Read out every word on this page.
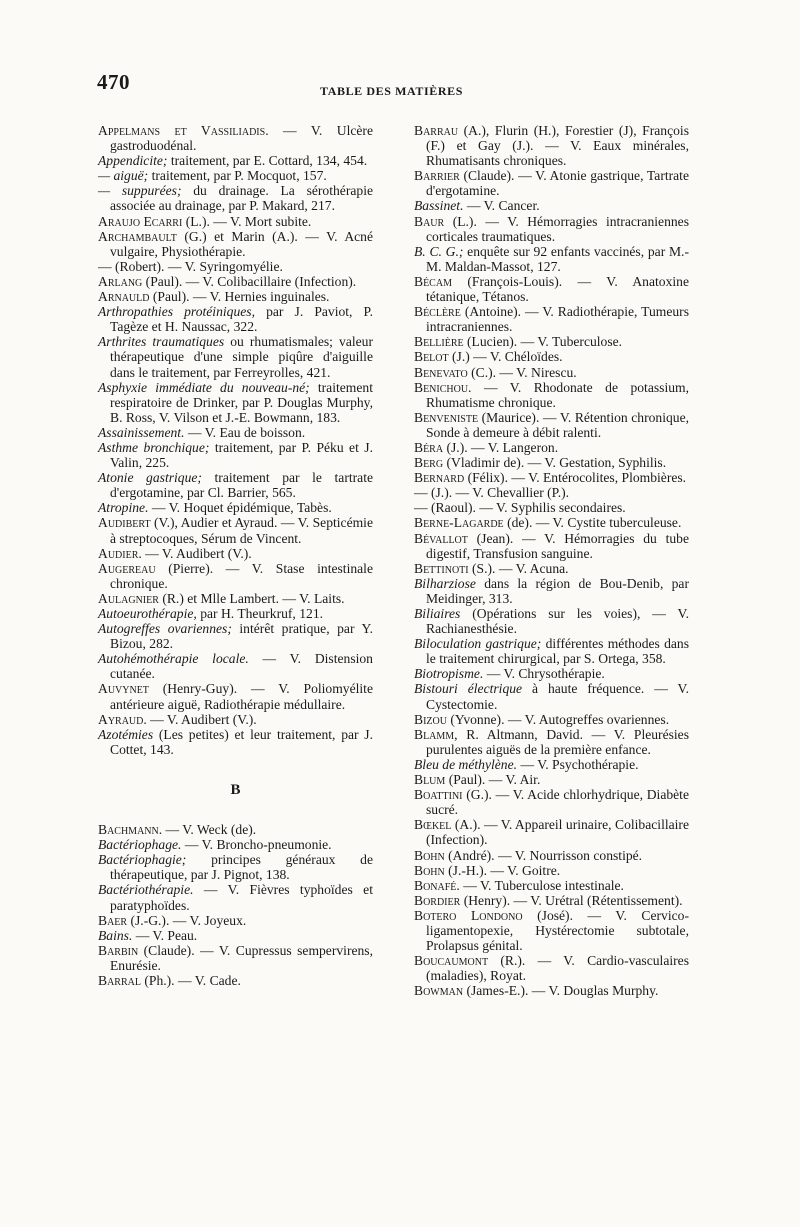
470	TABLE DES MATIÈRES

Appelmans et Vassiliadis. — V. Ulcère gastroduodénal.

Appendicite; traitement, par E. Cottard, 134, 454.

— aiguë; traitement, par P. Mocquot, 157.

— suppurées; du drainage. La sérothérapie associée au drainage, par P. Makard, 217.

Araujo Ecarri (L.). — V. Mort subite.

Archambault (G.) et Marin (A.). — V. Acné vulgaire, Physiothérapie.

— (Robert). — V. Syringomyélie.

Arlang (Paul). — V. Colibacillaire (Infection).

Arnauld (Paul). — V. Hernies inguinales.

Arthropathies protéiniques, par J. Paviot, P. Tagèze et H. Naussac, 322.

Arthrites traumatiques ou rhumatismales; valeur thérapeutique d'une simple piqûre d'aiguille dans le traitement, par Ferreyrolles, 421.

Asphyxie immédiate du nouveau-né; traitement respiratoire de Drinker, par P. Douglas Murphy, B. Ross, V. Vilson et J.-E. Bowmann, 183.

Assainissement. — V. Eau de boisson.

Asthme bronchique; traitement, par P. Péku et J. Valin, 225.

Atonie gastrique; traitement par le tartrate d'ergotamine, par Cl. Barrier, 565.

Atropine. — V. Hoquet épidémique, Tabès.

Audibert (V.), Audier et Ayraud. — V. Septicémie à streptocoques, Sérum de Vincent.

Audier. — V. Audibert (V.).

Augereau (Pierre). — V. Stase intestinale chronique.

Aulagnier (R.) et Mlle Lambert. — V. Laits.

Autoeurothérapie, par H. Theurkruf, 121.

Autogreffes ovariennes; intérêt pratique, par Y. Bizou, 282.

Autohémothérapie locale. — V. Distension cutanée.

Auvynet (Henry-Guy). — V. Poliomyélite antérieure aiguë, Radiothérapie médullaire.

Ayraud. — V. Audibert (V.).

Azotémies (Les petites) et leur traitement, par J. Cottet, 143.

B

Bachmann. — V. Weck (de).

Bactériophage. — V. Broncho-pneumonie.

Bactériophagie; principes généraux de thérapeutique, par J. Pignot, 138.

Bactériothérapie. — V. Fièvres typhoïdes et paratyphoïdes.

Baer (J.-G.). — V. Joyeux.

Bains. — V. Peau.

Barbin (Claude). — V. Cupressus sempervirens, Enurésie.

Barral (Ph.). — V. Cade.

Barrau (A.), Flurin (H.), Forestier (J), François (F.) et Gay (J.). — V. Eaux minérales, Rhumatisants chroniques.

Barrier (Claude). — V. Atonie gastrique, Tartrate d'ergotamine.

Bassinet. — V. Cancer.

Baur (L.). — V. Hémorragies intracraniennes corticales traumatiques.

B. C. G.; enquête sur 92 enfants vaccinés, par M.-M. Maldan-Massot, 127.

Bécam (François-Louis). — V. Anatoxine tétanique, Tétanos.

Béclère (Antoine). — V. Radiothérapie, Tumeurs intracraniennes.

Bellière (Lucien). — V. Tuberculose.

Belot (J.) — V. Chéloïdes.

Benevato (C.). — V. Nirescu.

Benichou. — V. Rhodonate de potassium, Rhumatisme chronique.

Benveniste (Maurice). — V. Rétention chronique, Sonde à demeure à débit ralenti.

Béra (J.). — V. Langeron.

Berg (Vladimir de). — V. Gestation, Syphilis.

Bernard (Félix). — V. Entérocolites, Plombières.

— (J.). — V. Chevallier (P.).

— (Raoul). — V. Syphilis secondaires.

Berne-Lagarde (de). — V. Cystite tuberculeuse.

Bévallot (Jean). — V. Hémorragies du tube digestif, Transfusion sanguine.

Bettinoti (S.). — V. Acuna.

Bilharziose dans la région de Bou-Denib, par Meidinger, 313.

Biliaires (Opérations sur les voies), — V. Rachianesthésie.

Biloculation gastrique; différentes méthodes dans le traitement chirurgical, par S. Ortega, 358.

Biotropisme. — V. Chrysothérapie.

Bistouri électrique à haute fréquence. — V. Cystectomie.

Bizou (Yvonne). — V. Autogreffes ovariennes.

Blamm, R. Altmann, David. — V. Pleurésies purulentes aiguës de la première enfance.

Bleu de méthylène. — V. Psychothérapie.

Blum (Paul). — V. Air.

Boattini (G.). — V. Acide chlorhydrique, Diabète sucré.

Bœkel (A.). — V. Appareil urinaire, Colibacillaire (Infection).

Bohn (André). — V. Nourrisson constipé.

Bohn (J.-H.). — V. Goitre.

Bonafé. — V. Tuberculose intestinale.

Bordier (Henry). — V. Urétral (Rétentissement).

Botero Londono (José). — V. Cervico-ligamentopexie, Hystérectomie subtotale, Prolapsus génital.

Boucaumont (R.). — V. Cardio-vasculaires (maladies), Royat.

Bowman (James-E.). — V. Douglas Murphy.
